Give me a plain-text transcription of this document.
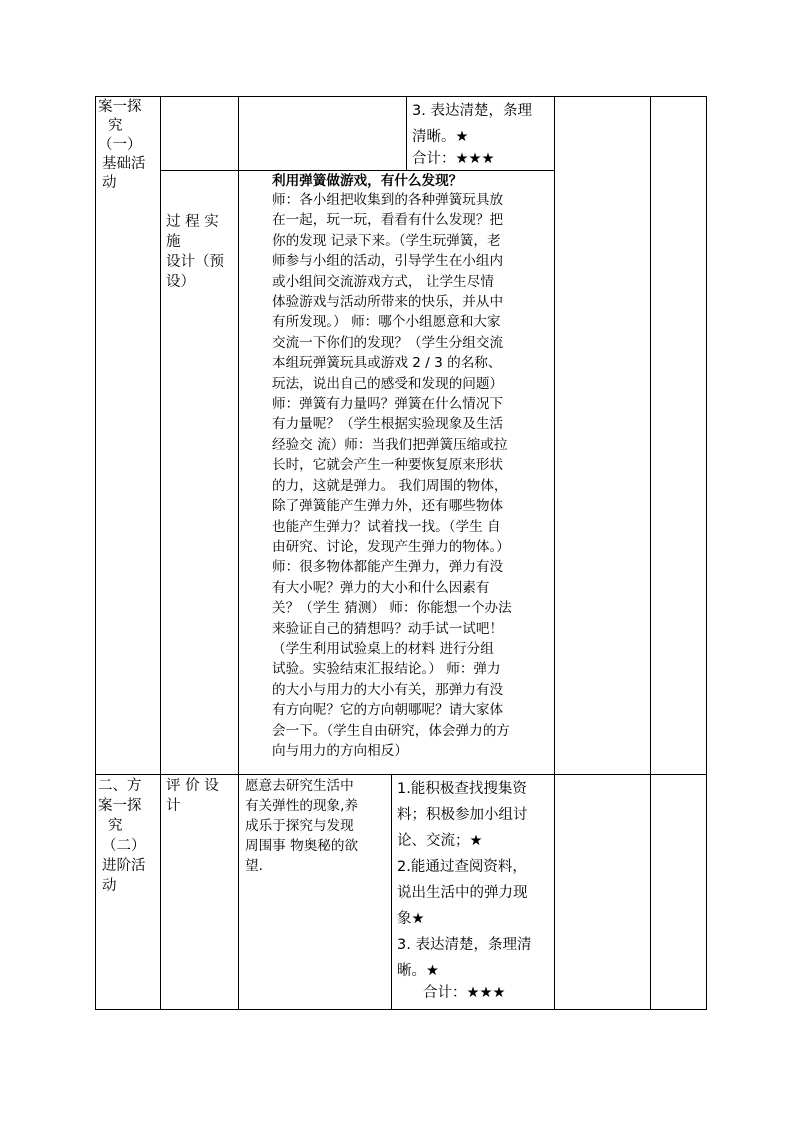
案一探
究
（一）
基础活
动
3. 表达清楚，条理
清晰。★
合计：★★★
过 程 实
施
设计（预
设）
利用弹簧做游戏，有什么发现？
师：各小组把收集到的各种弹簧玩具放
在一起，玩一玩，看看有什么发现？把
你的发现 记录下来。（学生玩弹簧，老
师参与小组的活动，引导学生在小组内
或小组间交流游戏方式， 让学生尽情
体验游戏与活动所带来的快乐，并从中
有所发现。） 师：哪个小组愿意和大家
交流一下你们的发现？（学生分组交流
本组玩弹簧玩具或游戏 2 / 3 的名称、
玩法，说出自己的感受和发现的问题）
师：弹簧有力量吗？弹簧在什么情况下
有力量呢？（学生根据实验现象及生活
经验交 流）师：当我们把弹簧压缩或拉
长时，它就会产生一种要恢复原来形状
的力，这就是弹力。 我们周围的物体，
除了弹簧能产生弹力外，还有哪些物体
也能产生弹力？试着找一找。（学生 自
由研究、讨论，发现产生弹力的物体。）
师：很多物体都能产生弹力，弹力有没
有大小呢？弹力的大小和什么因素有
关？（学生 猜测） 师：你能想一个办法
来验证自己的猜想吗？动手试一试吧！
（学生利用试验桌上的材料 进行分组
试验。实验结束汇报结论。） 师：弹力
的大小与用力的大小有关，那弹力有没
有方向呢？它的方向朝哪呢？请大家体
会一下。（学生自由研究，体会弹力的方
向与用力的方向相反）
二、方
案一探
究
（二）
进阶活
动
评 价 设
计
愿意去研究生活中
有关弹性的现象,养
成乐于探究与发现
周围事 物奥秘的欲
望.
1.能积极查找搜集资
料；积极参加小组讨
论、交流；★
2.能通过查阅资料，
说出生活中的弹力现
象★
3. 表达清楚，条理清
晰。★
合计：★★★
